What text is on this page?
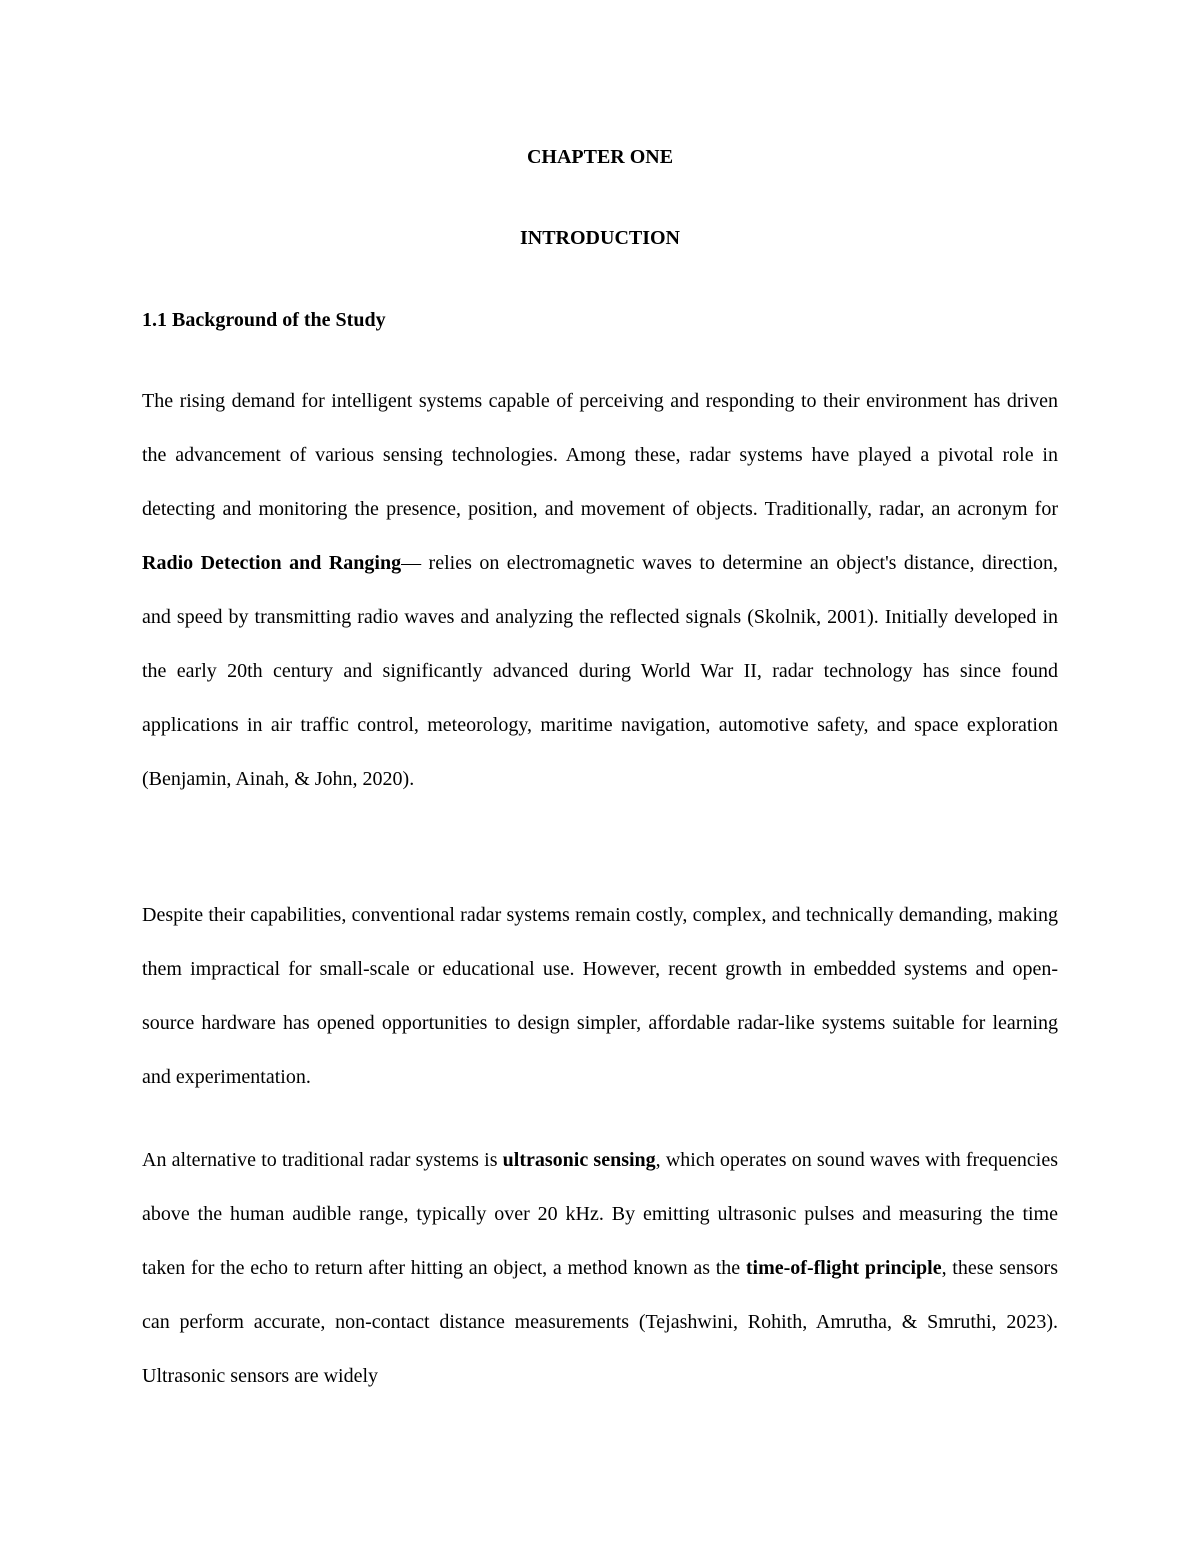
CHAPTER ONE
INTRODUCTION
1.1 Background of the Study

The rising demand for intelligent systems capable of perceiving and responding to their environment has driven the advancement of various sensing technologies. Among these, radar systems have played a pivotal role in detecting and monitoring the presence, position, and movement of objects. Traditionally, radar, an acronym for Radio Detection and Ranging— relies on electromagnetic waves to determine an object's distance, direction, and speed by transmitting radio waves and analyzing the reflected signals (Skolnik, 2001). Initially developed in the early 20th century and significantly advanced during World War II, radar technology has since found applications in air traffic control, meteorology, maritime navigation, automotive safety, and space exploration (Benjamin, Ainah, & John, 2020).

Despite their capabilities, conventional radar systems remain costly, complex, and technically demanding, making them impractical for small-scale or educational use. However, recent growth in embedded systems and open-source hardware has opened opportunities to design simpler, affordable radar-like systems suitable for learning and experimentation.

An alternative to traditional radar systems is ultrasonic sensing, which operates on sound waves with frequencies above the human audible range, typically over 20 kHz. By emitting ultrasonic pulses and measuring the time taken for the echo to return after hitting an object, a method known as the time-of-flight principle, these sensors can perform accurate, non-contact distance measurements (Tejashwini, Rohith, Amrutha, & Smruthi, 2023). Ultrasonic sensors are widely
